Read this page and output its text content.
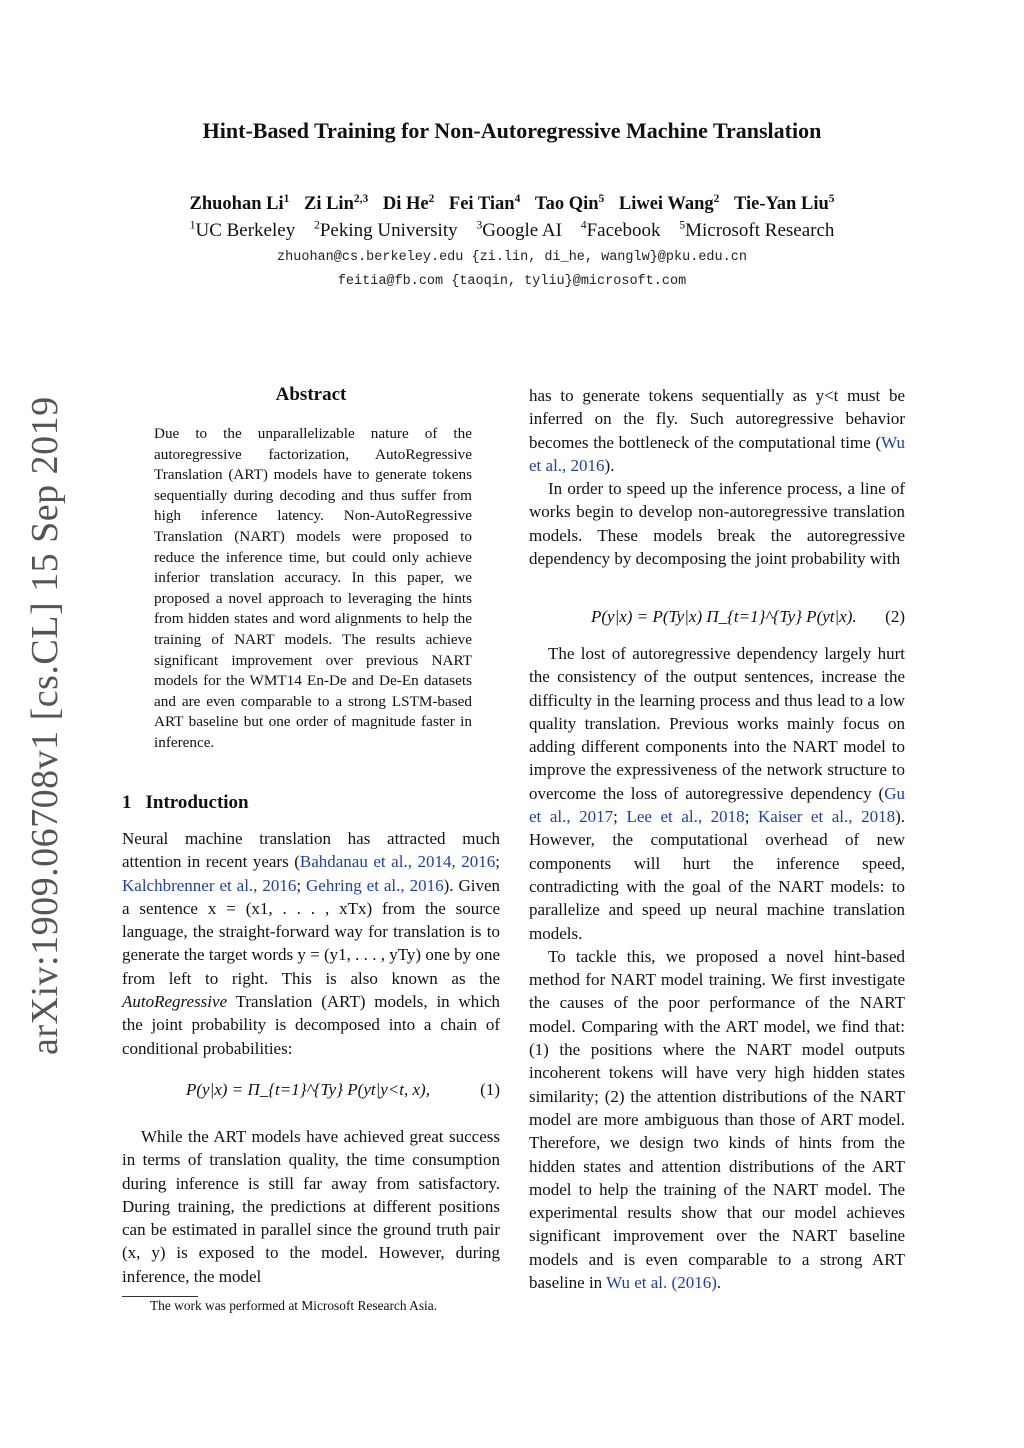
Hint-Based Training for Non-Autoregressive Machine Translation
Zhuohan Li$^1$ Zi Lin$^{2,3}$ Di He$^2$ Fei Tian$^4$ Tao Qin$^5$ Liwei Wang$^2$ Tie-Yan Liu$^5$
$^1$UC Berkeley $^2$Peking University $^3$Google AI $^4$Facebook $^5$Microsoft Research
zhuohan@cs.berkeley.edu {zi.lin, di_he, wanglw}@pku.edu.cn
feitia@fb.com {taoqin, tyliu}@microsoft.com
arXiv:1909.06708v1 [cs.CL] 15 Sep 2019
Abstract
Due to the unparallelizable nature of the autoregressive factorization, AutoRegressive Translation (ART) models have to generate tokens sequentially during decoding and thus suffer from high inference latency. Non-AutoRegressive Translation (NART) models were proposed to reduce the inference time, but could only achieve inferior translation accuracy. In this paper, we proposed a novel approach to leveraging the hints from hidden states and word alignments to help the training of NART models. The results achieve significant improvement over previous NART models for the WMT14 En-De and De-En datasets and are even comparable to a strong LSTM-based ART baseline but one order of magnitude faster in inference.
1 Introduction
Neural machine translation has attracted much attention in recent years (Bahdanau et al., 2014, 2016; Kalchbrenner et al., 2016; Gehring et al., 2016). Given a sentence x = (x1, . . . , xTx) from the source language, the straight-forward way for translation is to generate the target words y = (y1, . . . , yTy) one by one from left to right. This is also known as the AutoRegressive Translation (ART) models, in which the joint probability is decomposed into a chain of conditional probabilities:
P(y|x) = Π_{t=1}^{Ty} P(yt|y<t, x),	(1)

While the ART models have achieved great success in terms of translation quality, the time consumption during inference is still far away from satisfactory. During training, the predictions at different positions can be estimated in parallel since the ground truth pair (x, y) is exposed to the model. However, during inference, the model

The work was performed at Microsoft Research Asia.

has to generate tokens sequentially as y<t must be inferred on the fly. Such autoregressive behavior becomes the bottleneck of the computational time (Wu et al., 2016).

In order to speed up the inference process, a line of works begin to develop non-autoregressive translation models. These models break the autoregressive dependency by decomposing the joint probability with

P(y|x) = P(Ty|x) Π_{t=1}^{Ty} P(yt|x). (2)

The lost of autoregressive dependency largely hurt the consistency of the output sentences, increase the difficulty in the learning process and thus lead to a low quality translation. Previous works mainly focus on adding different components into the NART model to improve the expressiveness of the network structure to overcome the loss of autoregressive dependency (Gu et al., 2017; Lee et al., 2018; Kaiser et al., 2018). However, the computational overhead of new components will hurt the inference speed, contradicting with the goal of the NART models: to parallelize and speed up neural machine translation models.

To tackle this, we proposed a novel hint-based method for NART model training. We first investigate the causes of the poor performance of the NART model. Comparing with the ART model, we find that: (1) the positions where the NART model outputs incoherent tokens will have very high hidden states similarity; (2) the attention distributions of the NART model are more ambiguous than those of ART model. Therefore, we design two kinds of hints from the hidden states and attention distributions of the ART model to help the training of the NART model. The experimental results show that our model achieves significant improvement over the NART baseline models and is even comparable to a strong ART baseline in Wu et al. (2016).
